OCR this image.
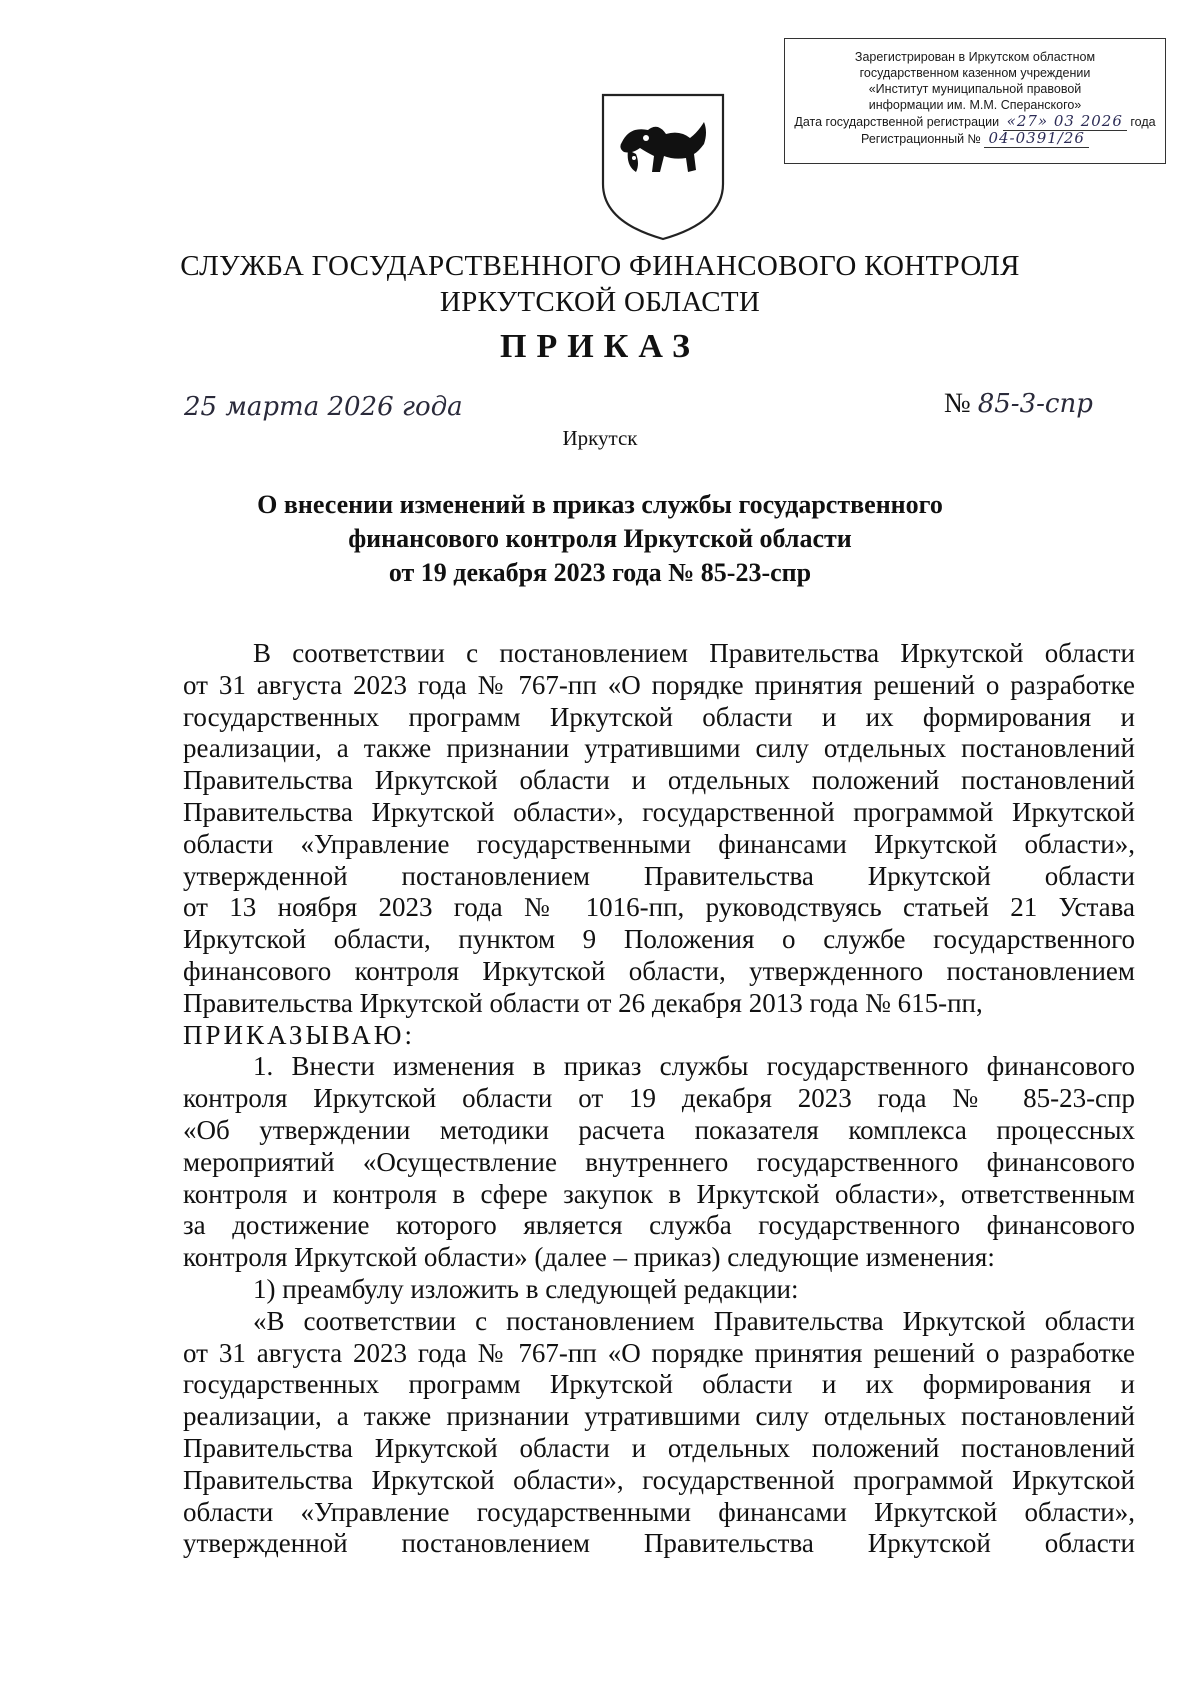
Зарегистрирован в Иркутском областном
государственном казенном учреждении
«Институт муниципальной правовой
информации им. М.М. Сперанского»
Дата государственной регистрации «27» 03 2026 года
Регистрационный № 04-0391/26
СЛУЖБА ГОСУДАРСТВЕННОГО ФИНАНСОВОГО КОНТРОЛЯ
ИРКУТСКОЙ ОБЛАСТИ
ПРИКАЗ
25 марта 2026 года	№ 85-3-спр
Иркутск
О внесении изменений в приказ службы государственного
финансового контроля Иркутской области
от 19 декабря 2023 года № 85-23-спр

В соответствии с постановлением Правительства Иркутской области

от 31 августа 2023 года № 767-пп «О порядке принятия решений о разработке

государственных программ Иркутской области и их формирования и

реализации, а также признании утратившими силу отдельных постановлений

Правительства Иркутской области и отдельных положений постановлений

Правительства Иркутской области», государственной программой Иркутской

области «Управление государственными финансами Иркутской области»,

утвержденной постановлением Правительства Иркутской области

от 13 ноября 2023 года № 1016-пп, руководствуясь статьей 21 Устава

Иркутской области, пунктом 9 Положения о службе государственного

финансового контроля Иркутской области, утвержденного постановлением

Правительства Иркутской области от 26 декабря 2013 года № 615-пп,

ПРИКАЗЫВАЮ:

1. Внести изменения в приказ службы государственного финансового

контроля Иркутской области от 19 декабря 2023 года № 85-23-спр

«Об утверждении методики расчета показателя комплекса процессных

мероприятий «Осуществление внутреннего государственного финансового

контроля и контроля в сфере закупок в Иркутской области», ответственным

за достижение которого является служба государственного финансового

контроля Иркутской области» (далее – приказ) следующие изменения:

1) преамбулу изложить в следующей редакции:

«В соответствии с постановлением Правительства Иркутской области

от 31 августа 2023 года № 767-пп «О порядке принятия решений о разработке

государственных программ Иркутской области и их формирования и

реализации, а также признании утратившими силу отдельных постановлений

Правительства Иркутской области и отдельных положений постановлений

Правительства Иркутской области», государственной программой Иркутской

области «Управление государственными финансами Иркутской области»,

утвержденной постановлением Правительства Иркутской области
